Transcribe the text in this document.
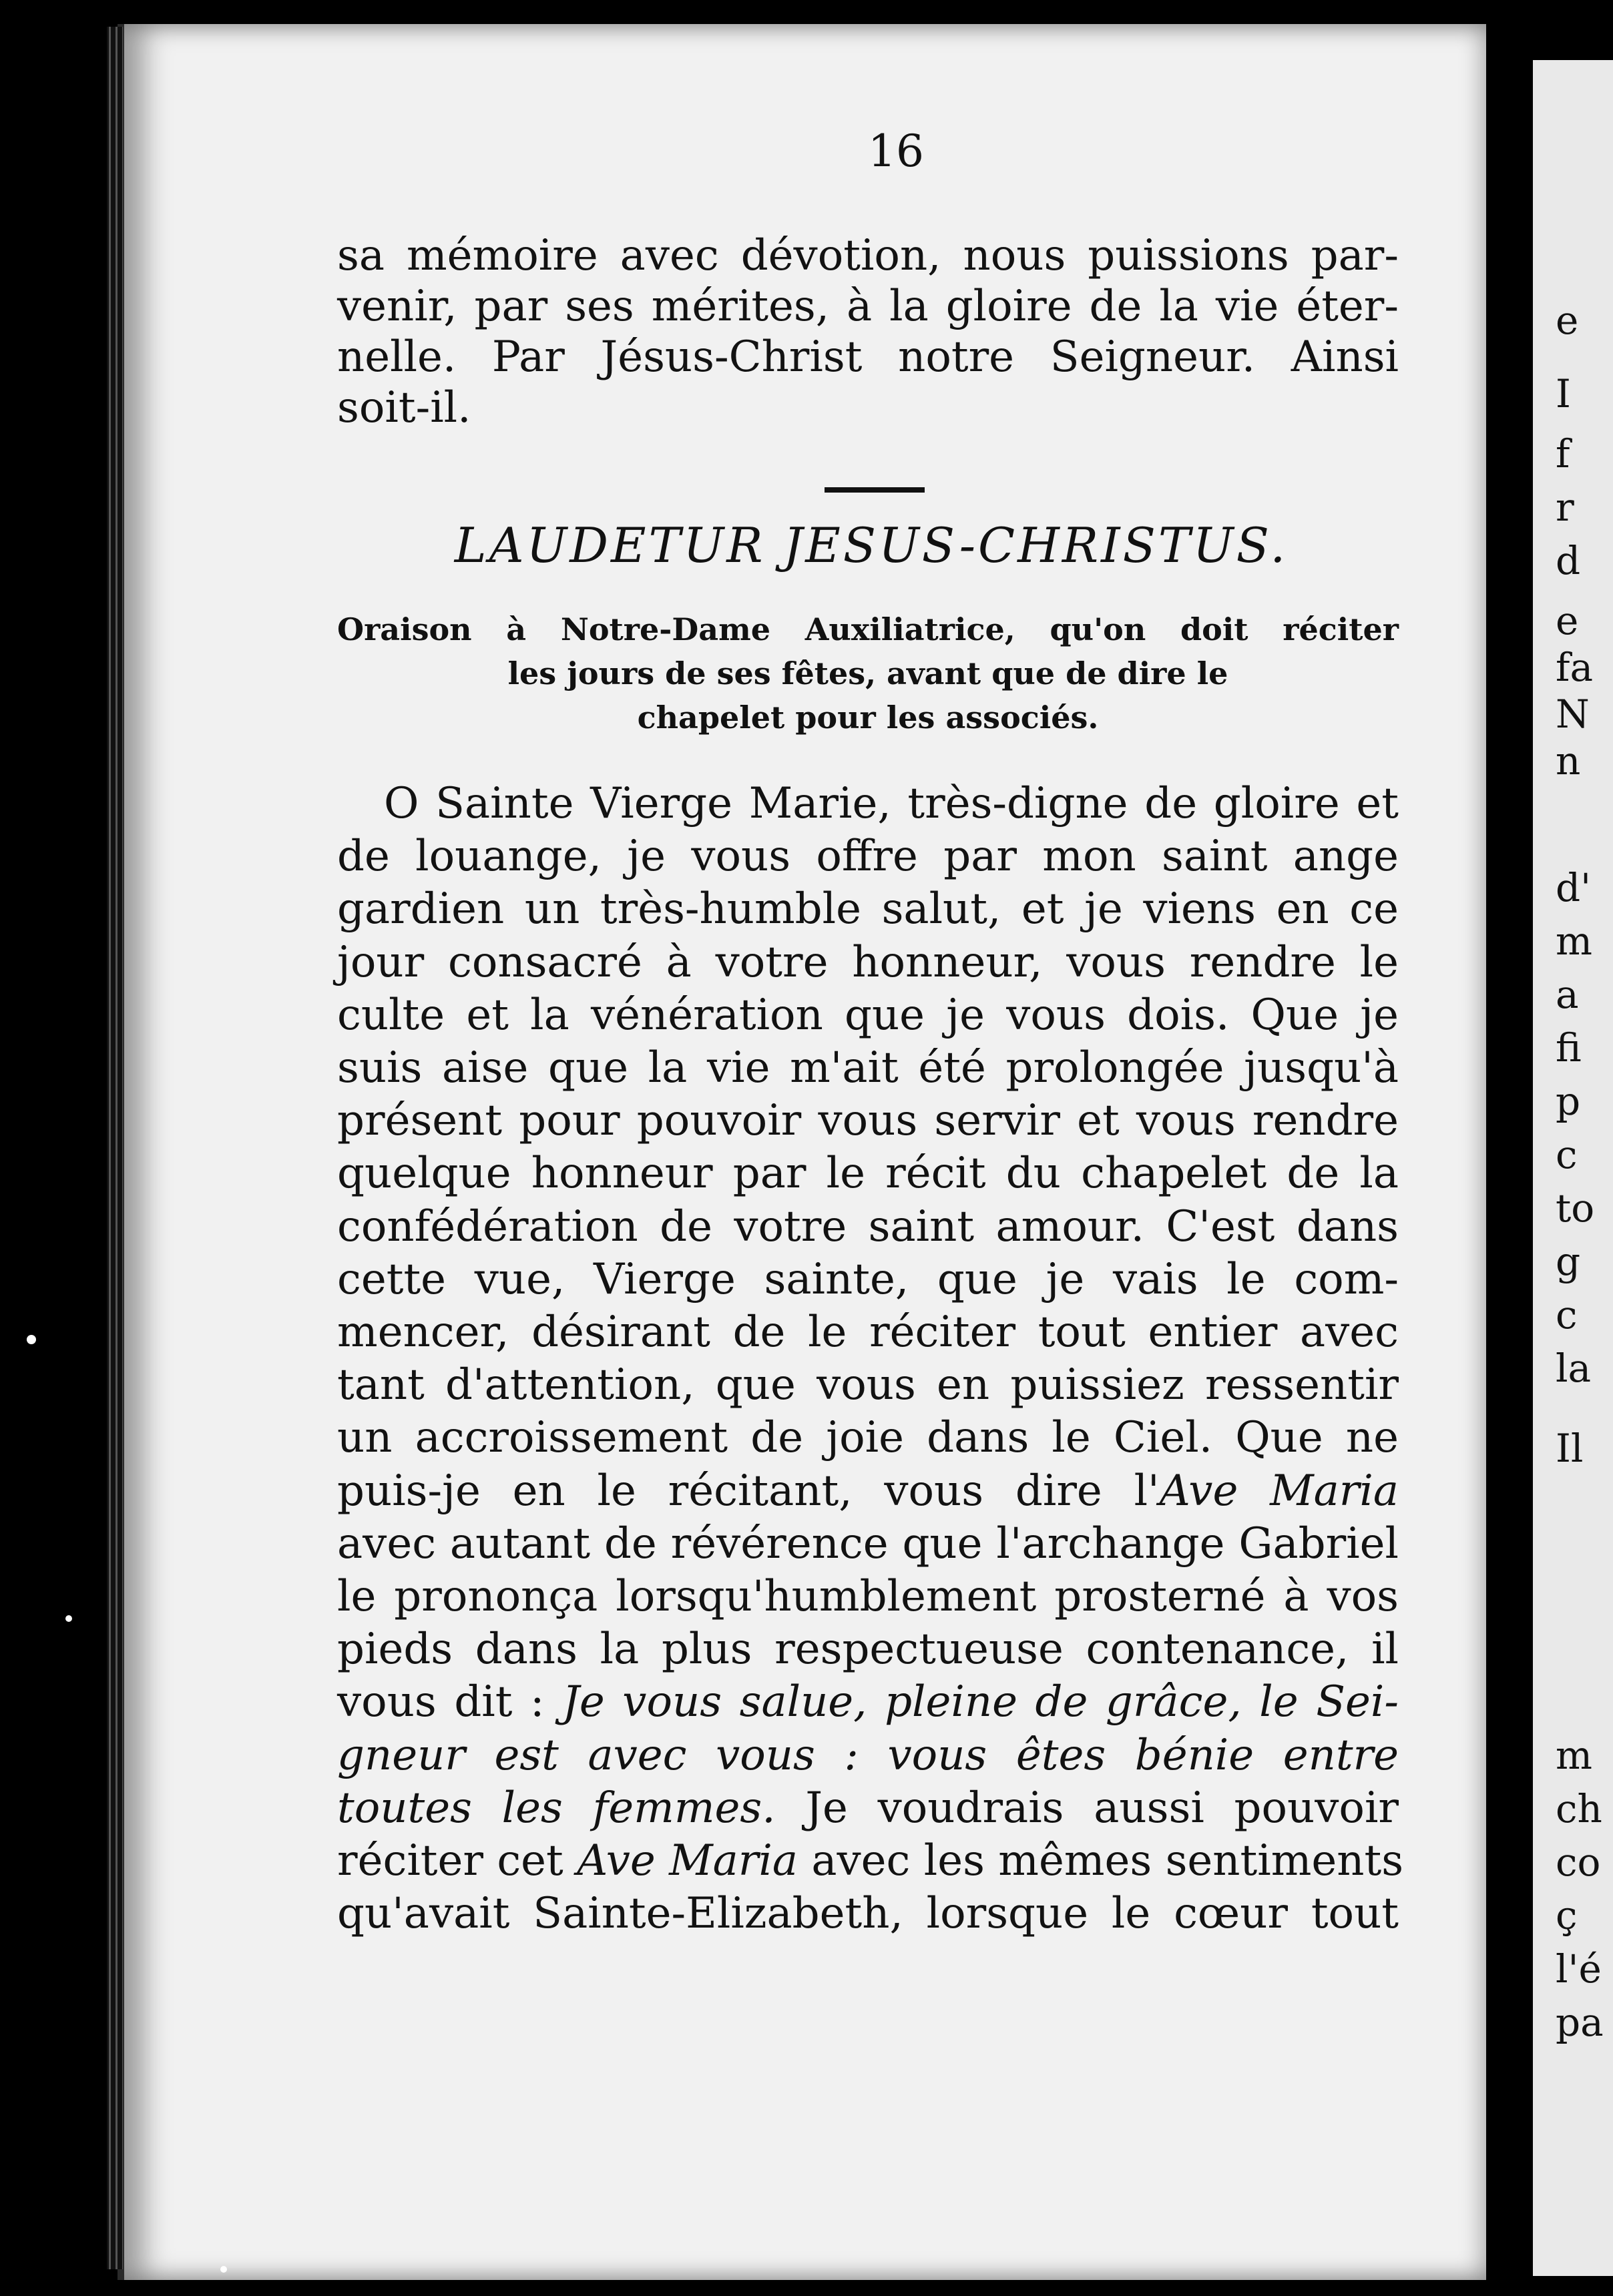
16
sa mémoire avec dévotion, nous puissions par-
venir, par ses mérites, à la gloire de la vie éter-
nelle. Par Jésus-Christ notre Seigneur. Ainsi
soit-il.
LAUDETUR JESUS-CHRISTUS.
Oraison à Notre-Dame Auxiliatrice, qu'on doit réciter
les jours de ses fêtes, avant que de dire le
chapelet pour les associés.
O Sainte Vierge Marie, très-digne de gloire et
de louange, je vous offre par mon saint ange
gardien un très-humble salut, et je viens en ce
jour consacré à votre honneur, vous rendre le
culte et la vénération que je vous dois. Que je
suis aise que la vie m'ait été prolongée jusqu'à
présent pour pouvoir vous servir et vous rendre
quelque honneur par le récit du chapelet de la
confédération de votre saint amour. C'est dans
cette vue, Vierge sainte, que je vais le com-
mencer, désirant de le réciter tout entier avec
tant d'attention, que vous en puissiez ressentir
un accroissement de joie dans le Ciel. Que ne
puis-je en le récitant, vous dire l'Ave Maria
avec autant de révérence que l'archange Gabriel
le prononça lorsqu'humblement prosterné à vos
pieds dans la plus respectueuse contenance, il
vous dit : Je vous salue, pleine de grâce, le Sei-
gneur est avec vous : vous êtes bénie entre
toutes les femmes. Je voudrais aussi pouvoir
réciter cet Ave Maria avec les mêmes sentiments
qu'avait Sainte-Elizabeth, lorsque le cœur tout
e
I
f
r
d
e
fa
N
n
d'
m
a
fi
p
c
to
g
c
la
Il
m
ch
co
ç
l'é
pa
